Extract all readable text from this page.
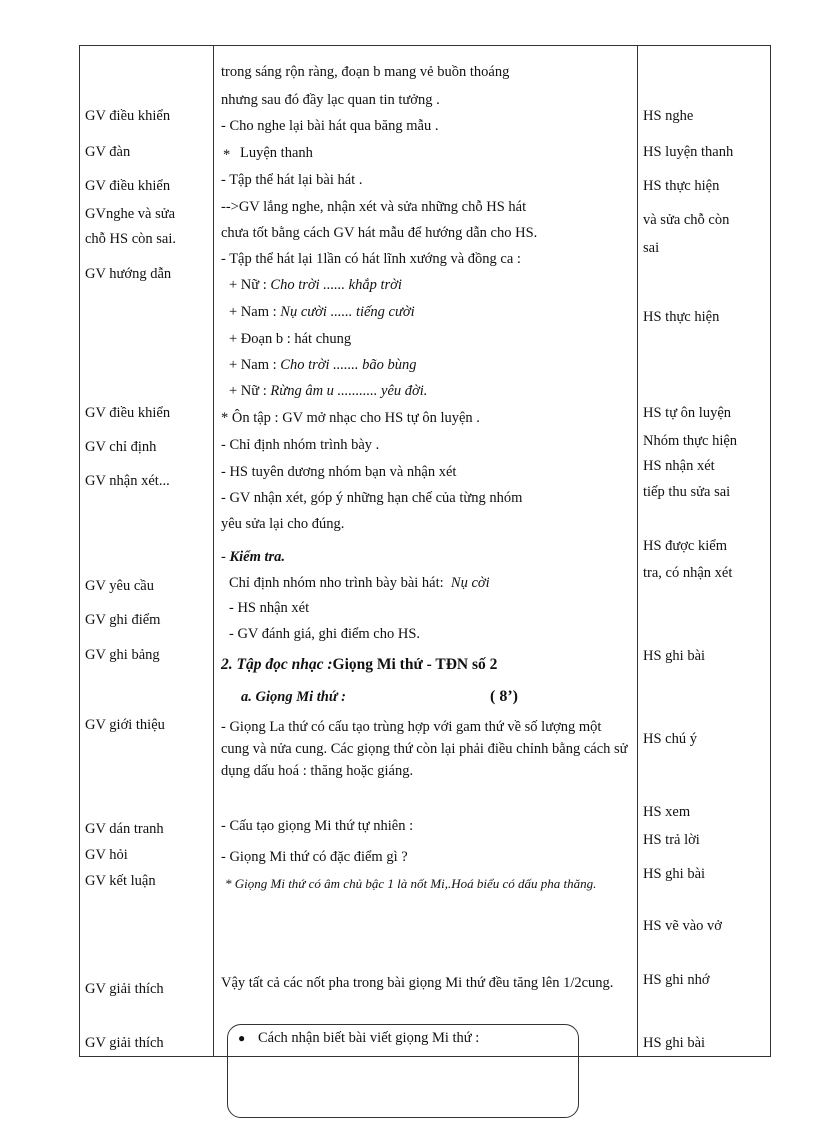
GV điều khiển
GV đàn
GV điều khiển
GVnghe và sửa
chỗ HS còn sai.
GV hướng dẫn
GV điều khiển
GV chỉ định
GV nhận xét...
GV yêu cầu
GV ghi điểm
GV ghi bảng
GV giới thiệu
GV dán tranh
GV hỏi
GV kết luận
GV giải thích
GV giải thích
trong sáng rộn ràng, đoạn b mang vẻ buồn thoáng
nhưng sau đó đầy lạc quan tin tưởng .
- Cho nghe lại bài hát qua băng mẫu .
* Luyện thanh
- Tập thể hát lại bài hát .
-->GV lắng nghe, nhận xét và sửa những chỗ HS hát
chưa tốt bằng cách GV hát mẫu để hướng dẫn cho HS.
- Tập thể hát lại 1lần có hát lĩnh xướng và đồng ca :
+ Nữ : Cho trời ...... khắp trời
+ Nam : Nụ cười ...... tiếng cười
+ Đoạn b : hát chung
+ Nam : Cho trời ....... bão bùng
+ Nữ : Rừng âm u ........... yêu đời.
* Ôn tập : GV mở nhạc cho HS tự ôn luyện .
- Chỉ định nhóm trình bày .
- HS tuyên dương nhóm bạn và nhận xét
- GV nhận xét, góp ý những hạn chế của từng nhóm
yêu sửa lại cho đúng.
- Kiểm tra.
Chỉ định nhóm nho trình bày bài hát: Nụ cời
- HS nhận xét
- GV đánh giá, ghi điểm cho HS.
2. Tập đọc nhạc :Giọng Mi thứ - TĐN số 2
a. Giọng Mi thứ :	( 8’)
- Giọng La thứ có cấu tạo trùng hợp với gam thứ về số lượng một cung và nửa cung. Các giọng thứ còn lại phải điều chỉnh bằng cách sử dụng dấu hoá : thăng hoặc giáng.
- Cấu tạo giọng Mi thứ tự nhiên :
- Giọng Mi thứ có đặc điểm gì ?
* Giọng Mi thứ có âm chủ bậc 1 là nốt Mi,.Hoá biểu có dấu pha thăng.
Vậy tất cả các nốt pha trong bài giọng Mi thứ đều tăng lên 1/2cung.
HS nghe
HS luyện thanh
HS thực hiện
và sửa chỗ còn
sai
HS thực hiện
HS tự ôn luyện
Nhóm thực hiện
HS nhận xét
tiếp thu sửa sai
HS được kiểm
tra, có nhận xét
HS ghi bài
HS chú ý
HS xem
HS trả lời
HS ghi bài
HS vẽ vào vở
HS ghi nhớ
HS ghi bài
● Cách nhận biết bài viết giọng Mi thứ :
